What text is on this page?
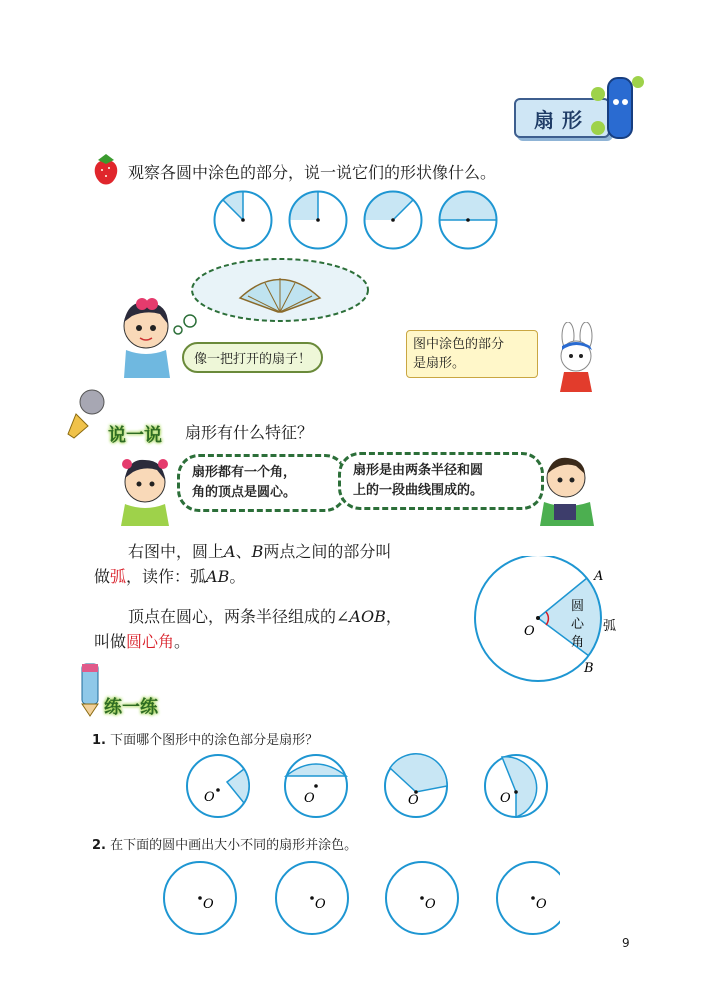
扇形
观察各圆中涂色的部分，说一说它们的形状像什么。
像一把打开的扇子！
图中涂色的部分
是扇形。
说一说 扇形有什么特征？
扇形都有一个角，
角的顶点是圆心。
扇形是由两条半径和圆
上的一段曲线围成的。
右图中，圆上A、B两点之间的部分叫
做弧，读作：弧AB。
顶点在圆心，两条半径组成的∠AOB，
叫做圆心角。
A
B
O	弧
圆
心
角
练一练
1. 下面哪个图形中的涂色部分是扇形？
O	O	O	O
2. 在下面的圆中画出大小不同的扇形并涂色。
O	O	O	O
9
